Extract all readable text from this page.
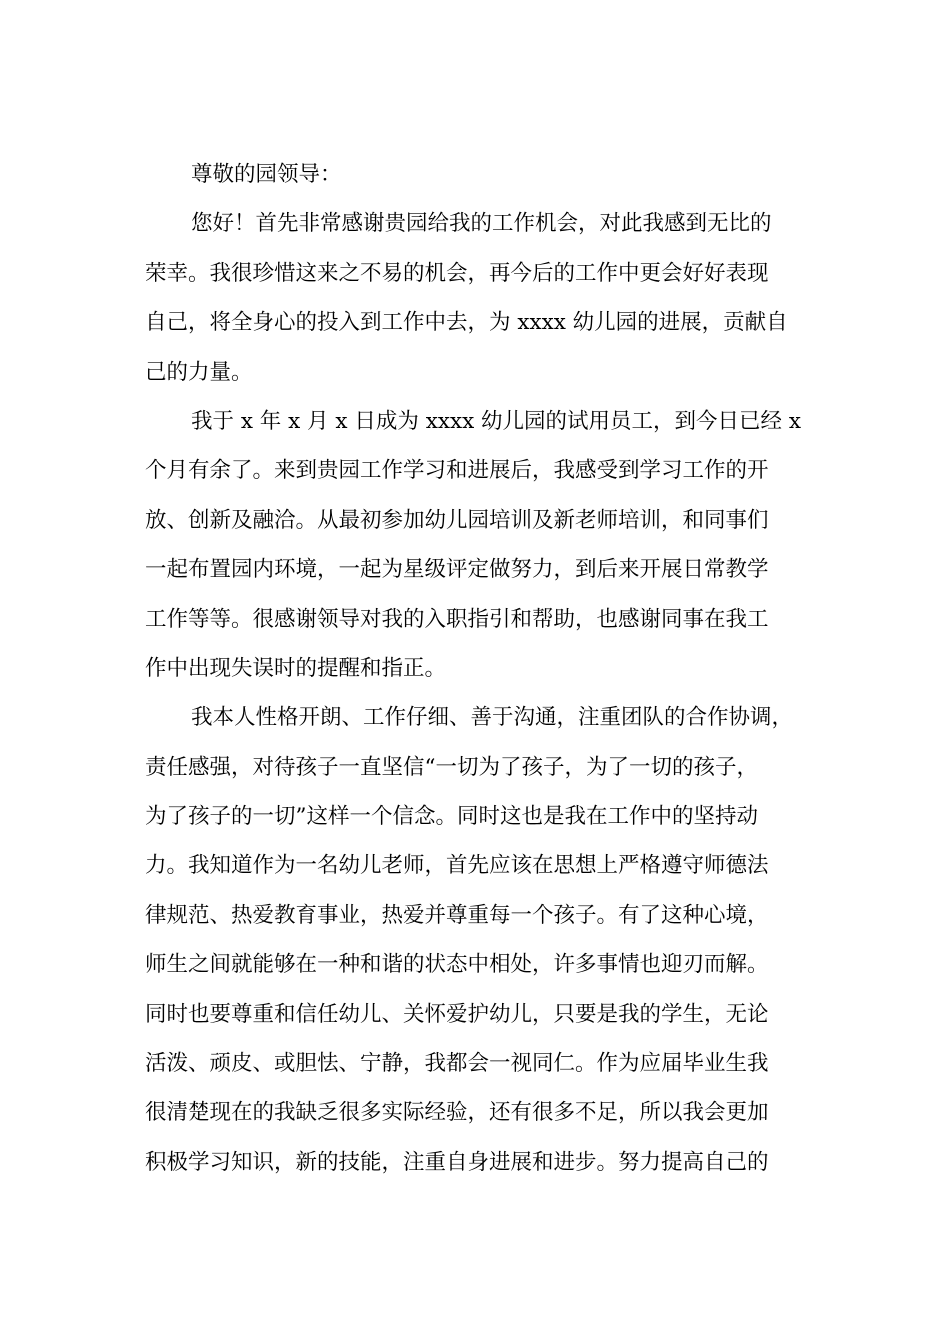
尊敬的园领导：
您好！首先非常感谢贵园给我的工作机会，对此我感到无比的
荣幸。我很珍惜这来之不易的机会，再今后的工作中更会好好表现
自己，将全身心的投入到工作中去，为 xxxx 幼儿园的进展，贡献自
己的力量。
我于 x 年 x 月 x 日成为 xxxx 幼儿园的试用员工，到今日已经 x
个月有余了。来到贵园工作学习和进展后，我感受到学习工作的开
放、创新及融洽。从最初参加幼儿园培训及新老师培训，和同事们
一起布置园内环境，一起为星级评定做努力，到后来开展日常教学
工作等等。很感谢领导对我的入职指引和帮助，也感谢同事在我工
作中出现失误时的提醒和指正。
我本人性格开朗、工作仔细、善于沟通，注重团队的合作协调，
责任感强，对待孩子一直坚信“一切为了孩子，为了一切的孩子，
为了孩子的一切”这样一个信念。同时这也是我在工作中的坚持动
力。我知道作为一名幼儿老师，首先应该在思想上严格遵守师德法
律规范、热爱教育事业，热爱并尊重每一个孩子。有了这种心境，
师生之间就能够在一种和谐的状态中相处，许多事情也迎刃而解。
同时也要尊重和信任幼儿、关怀爱护幼儿，只要是我的学生，无论
活泼、顽皮、或胆怯、宁静，我都会一视同仁。作为应届毕业生我
很清楚现在的我缺乏很多实际经验，还有很多不足，所以我会更加
积极学习知识，新的技能，注重自身进展和进步。努力提高自己的
